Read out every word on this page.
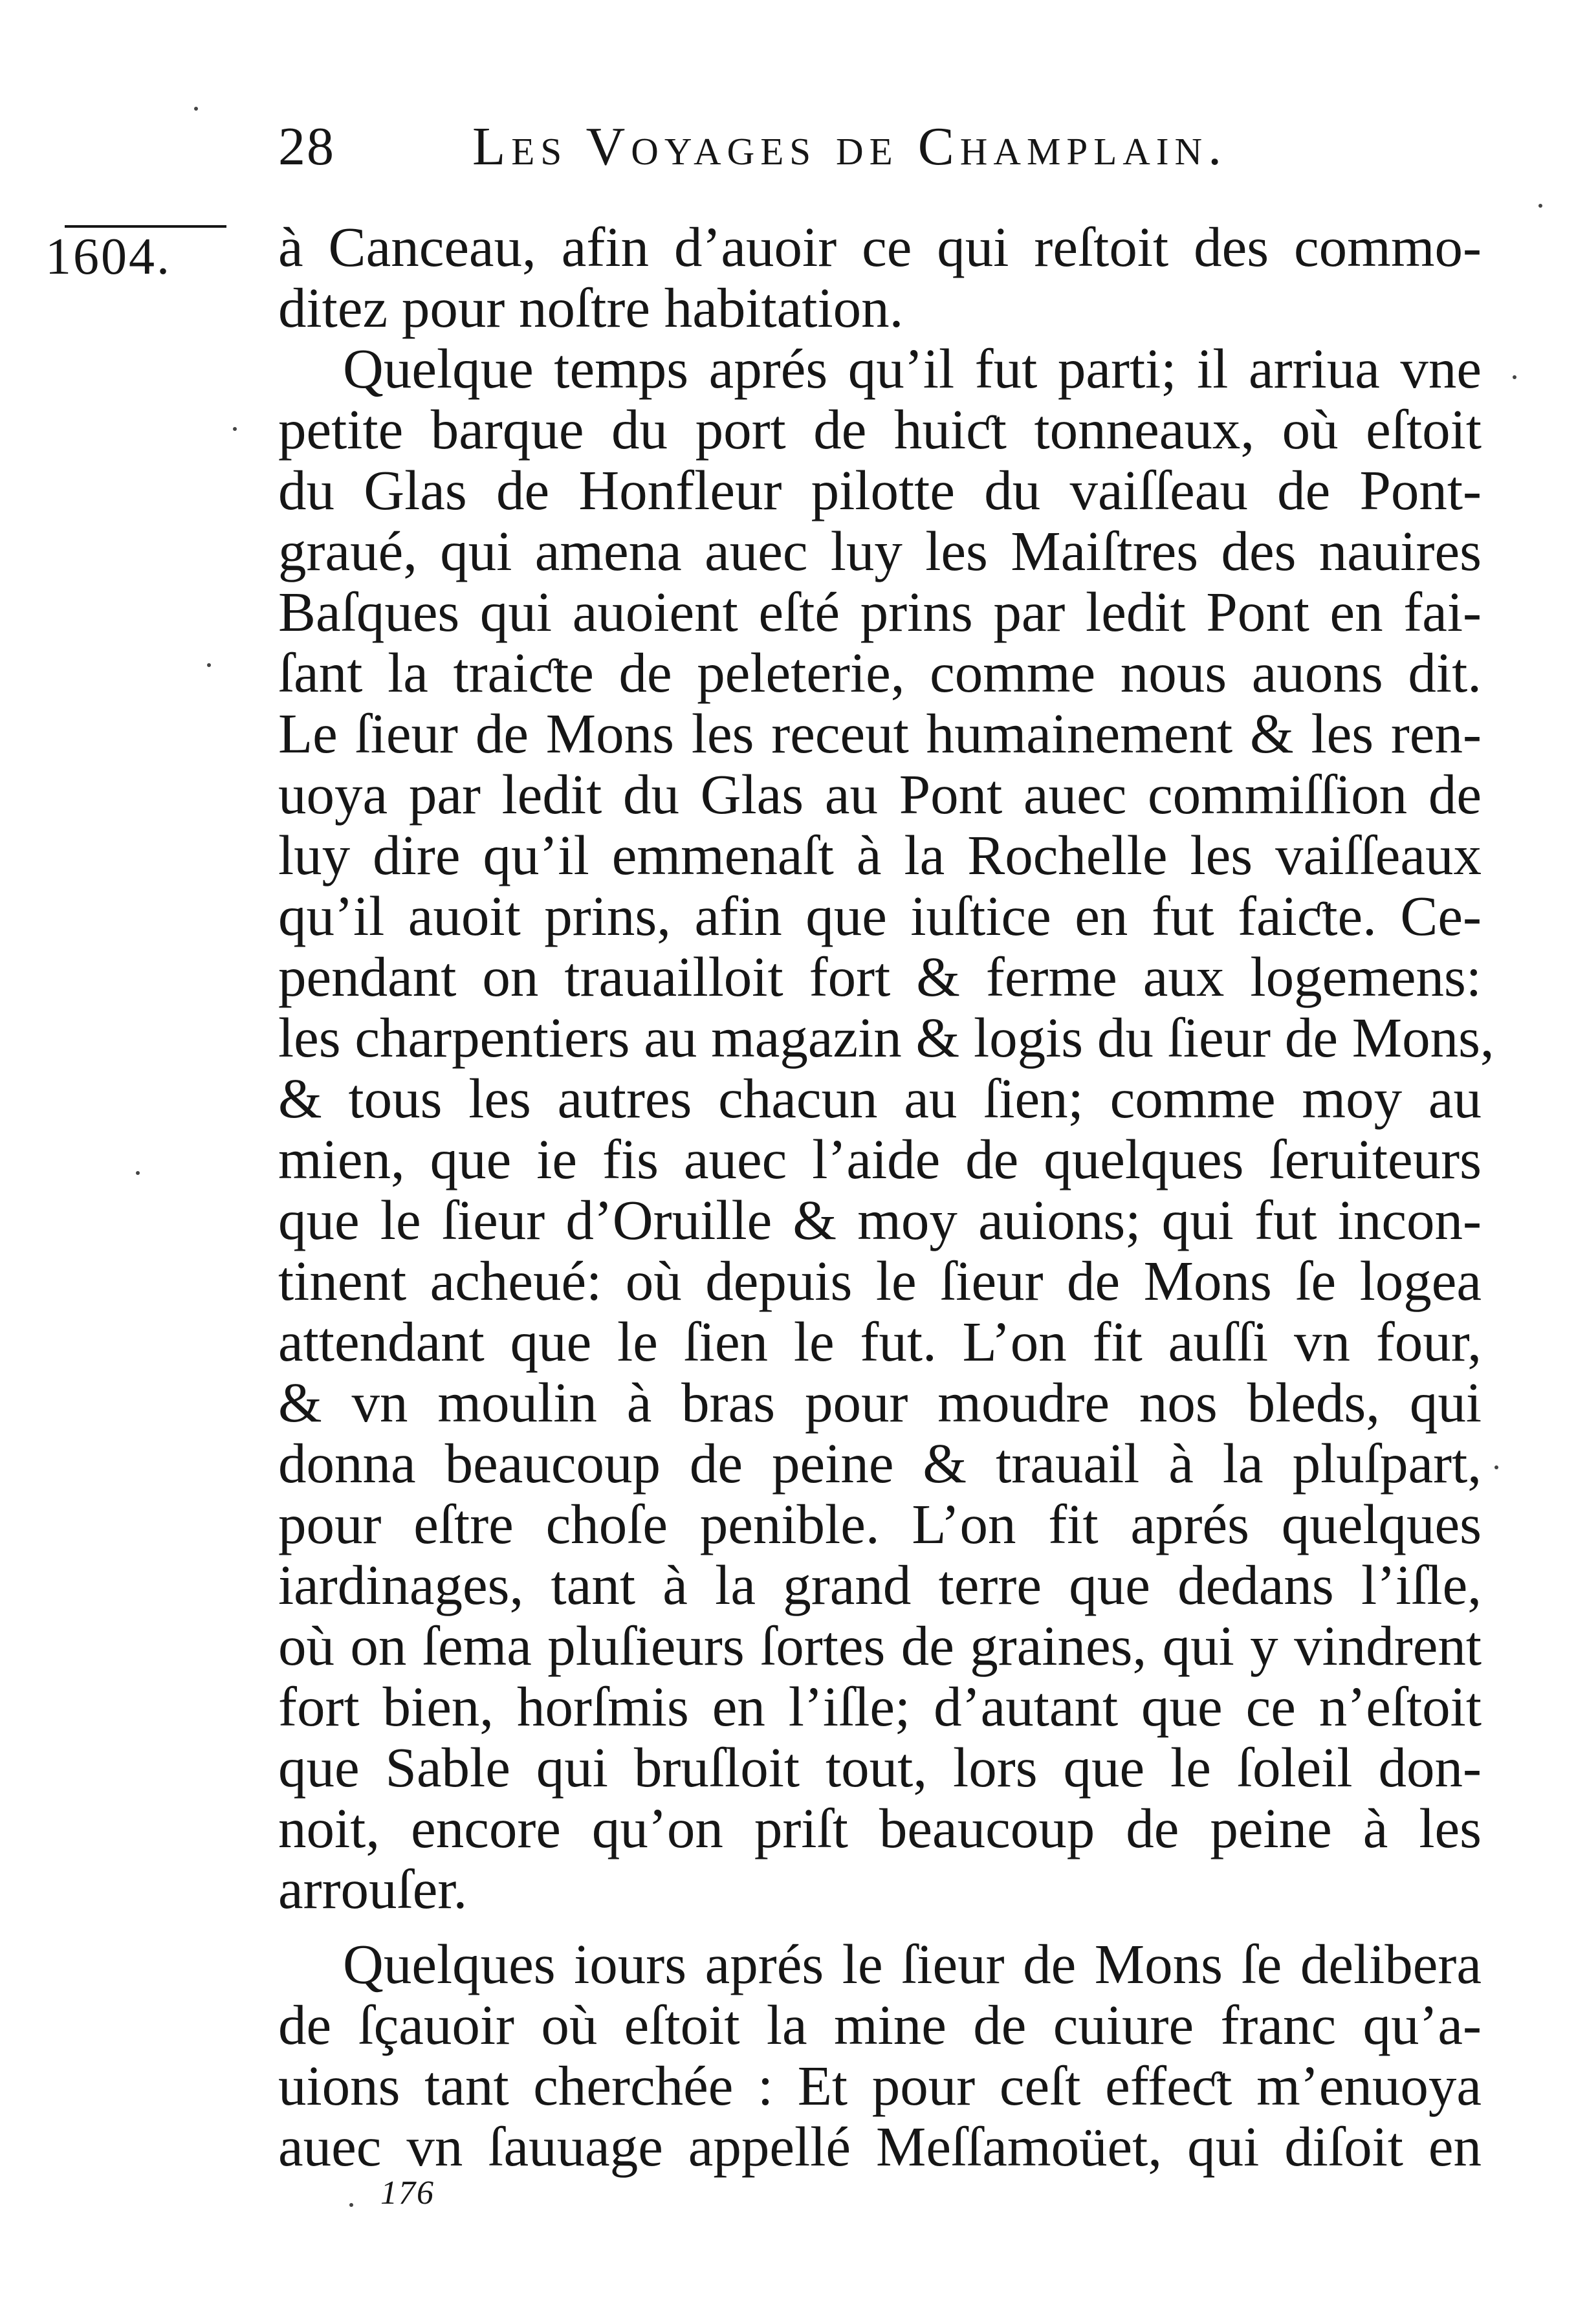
28	Les Voyages de Champlain.
1604. à Canceau, afin d’auoir ce qui reſtoit des commo-
ditez pour noſtre habitation.
Quelque temps aprés qu’il fut parti; il arriua vne
petite barque du port de huiƈt tonneaux, où eſtoit
du Glas de Honfleur pilotte du vaiſſeau de Pont-
graué, qui amena auec luy les Maiſtres des nauires
Baſques qui auoient eſté prins par ledit Pont en fai-
ſant la traiƈte de peleterie, comme nous auons dit.
Le ſieur de Mons les receut humainement & les ren-
uoya par ledit du Glas au Pont auec commiſſion de
luy dire qu’il emmenaſt à la Rochelle les vaiſſeaux
qu’il auoit prins, afin que iuſtice en fut faiƈte. Ce-
pendant on trauailloit fort & ferme aux logemens:
les charpentiers au magazin & logis du ſieur de Mons,
& tous les autres chacun au ſien; comme moy au
mien, que ie fis auec l’aide de quelques ſeruiteurs
que le ſieur d’Oruille & moy auions; qui fut incon-
tinent acheué: où depuis le ſieur de Mons ſe logea
attendant que le ſien le fut. L’on fit auſſi vn four,
& vn moulin à bras pour moudre nos bleds, qui
donna beaucoup de peine & trauail à la pluſpart,
pour eſtre choſe penible. L’on fit aprés quelques
iardinages, tant à la grand terre que dedans l’iſle,
où on ſema pluſieurs ſortes de graines, qui y vindrent
fort bien, horſmis en l’iſle; d’autant que ce n’eſtoit
que Sable qui bruſloit tout, lors que le ſoleil don-
noit, encore qu’on priſt beaucoup de peine à les
arrouſer.
Quelques iours aprés le ſieur de Mons ſe delibera
de ſçauoir où eſtoit la mine de cuiure franc qu’a-
uions tant cherchée : Et pour ceſt effeƈt m’enuoya
auec vn ſauuage appellé Meſſamoüet, qui diſoit en
176
